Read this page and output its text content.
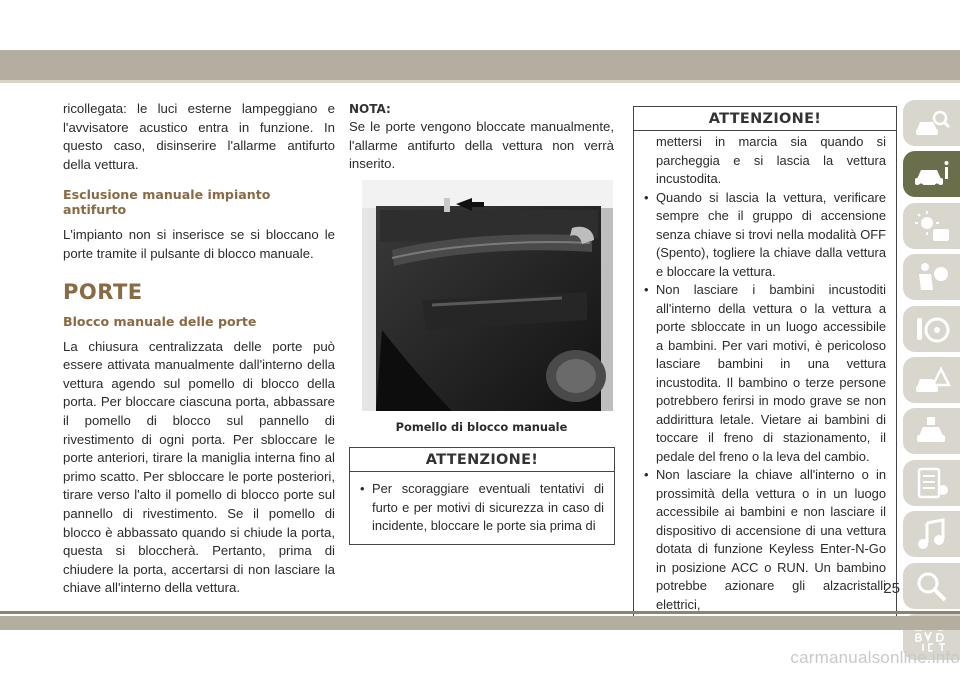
ricollegata: le luci esterne lampeggiano e l'avvisatore acustico entra in funzione. In questo caso, disinserire l'allarme antifurto della vettura.

Esclusione manuale impianto antifurto

L'impianto non si inserisce se si bloccano le porte tramite il pulsante di blocco manuale.

PORTE
Blocco manuale delle porte

La chiusura centralizzata delle porte può essere attivata manualmente dall'interno della vettura agendo sul pomello di blocco della porta. Per bloccare ciascuna porta, abbassare il pomello di blocco sul pannello di rivestimento di ogni porta. Per sbloccare le porte anteriori, tirare la maniglia interna fino al primo scatto. Per sbloccare le porte posteriori, tirare verso l'alto il pomello di blocco porte sul pannello di rivestimento. Se il pomello di blocco è abbassato quando si chiude la porta, questa si bloccherà. Pertanto, prima di chiudere la porta, accertarsi di non lasciare la chiave all'interno della vettura.

NOTA:

Se le porte vengono bloccate manualmente, l'allarme antifurto della vettura non verrà inserito.

Pomello di blocco manuale
ATTENZIONE!
• Per scoraggiare eventuali tentativi di furto e per motivi di sicurezza in caso di incidente, bloccare le porte sia prima di
ATTENZIONE!
mettersi in marcia sia quando si parcheggia e si lascia la vettura incustodita.
• Quando si lascia la vettura, verificare sempre che il gruppo di accensione senza chiave si trovi nella modalità OFF (Spento), togliere la chiave dalla vettura e bloccare la vettura.
• Non lasciare i bambini incustoditi all'interno della vettura o la vettura a porte sbloccate in un luogo accessibile a bambini. Per vari motivi, è pericoloso lasciare bambini in una vettura incustodita. Il bambino o terze persone potrebbero ferirsi in modo grave se non addirittura letale. Vietare ai bambini di toccare il freno di stazionamento, il pedale del freno o la leva del cambio.
• Non lasciare la chiave all'interno o in prossimità della vettura o in un luogo accessibile ai bambini e non lasciare il dispositivo di accensione di una vettura dotata di funzione Keyless Enter-N-Go in posizione ACC o RUN. Un bambino potrebbe azionare gli alzacristalli elettrici,
25
carmanualsonline.info
